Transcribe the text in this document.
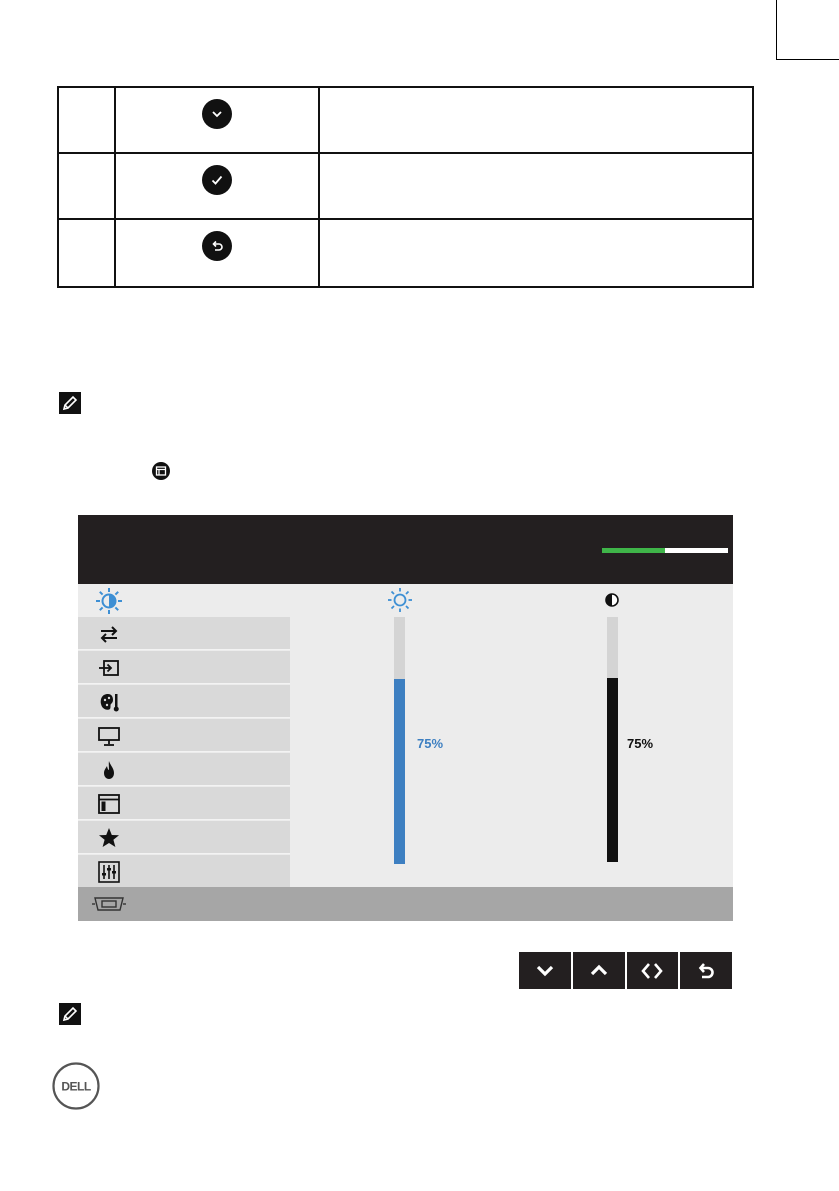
75%	75%
DELL
